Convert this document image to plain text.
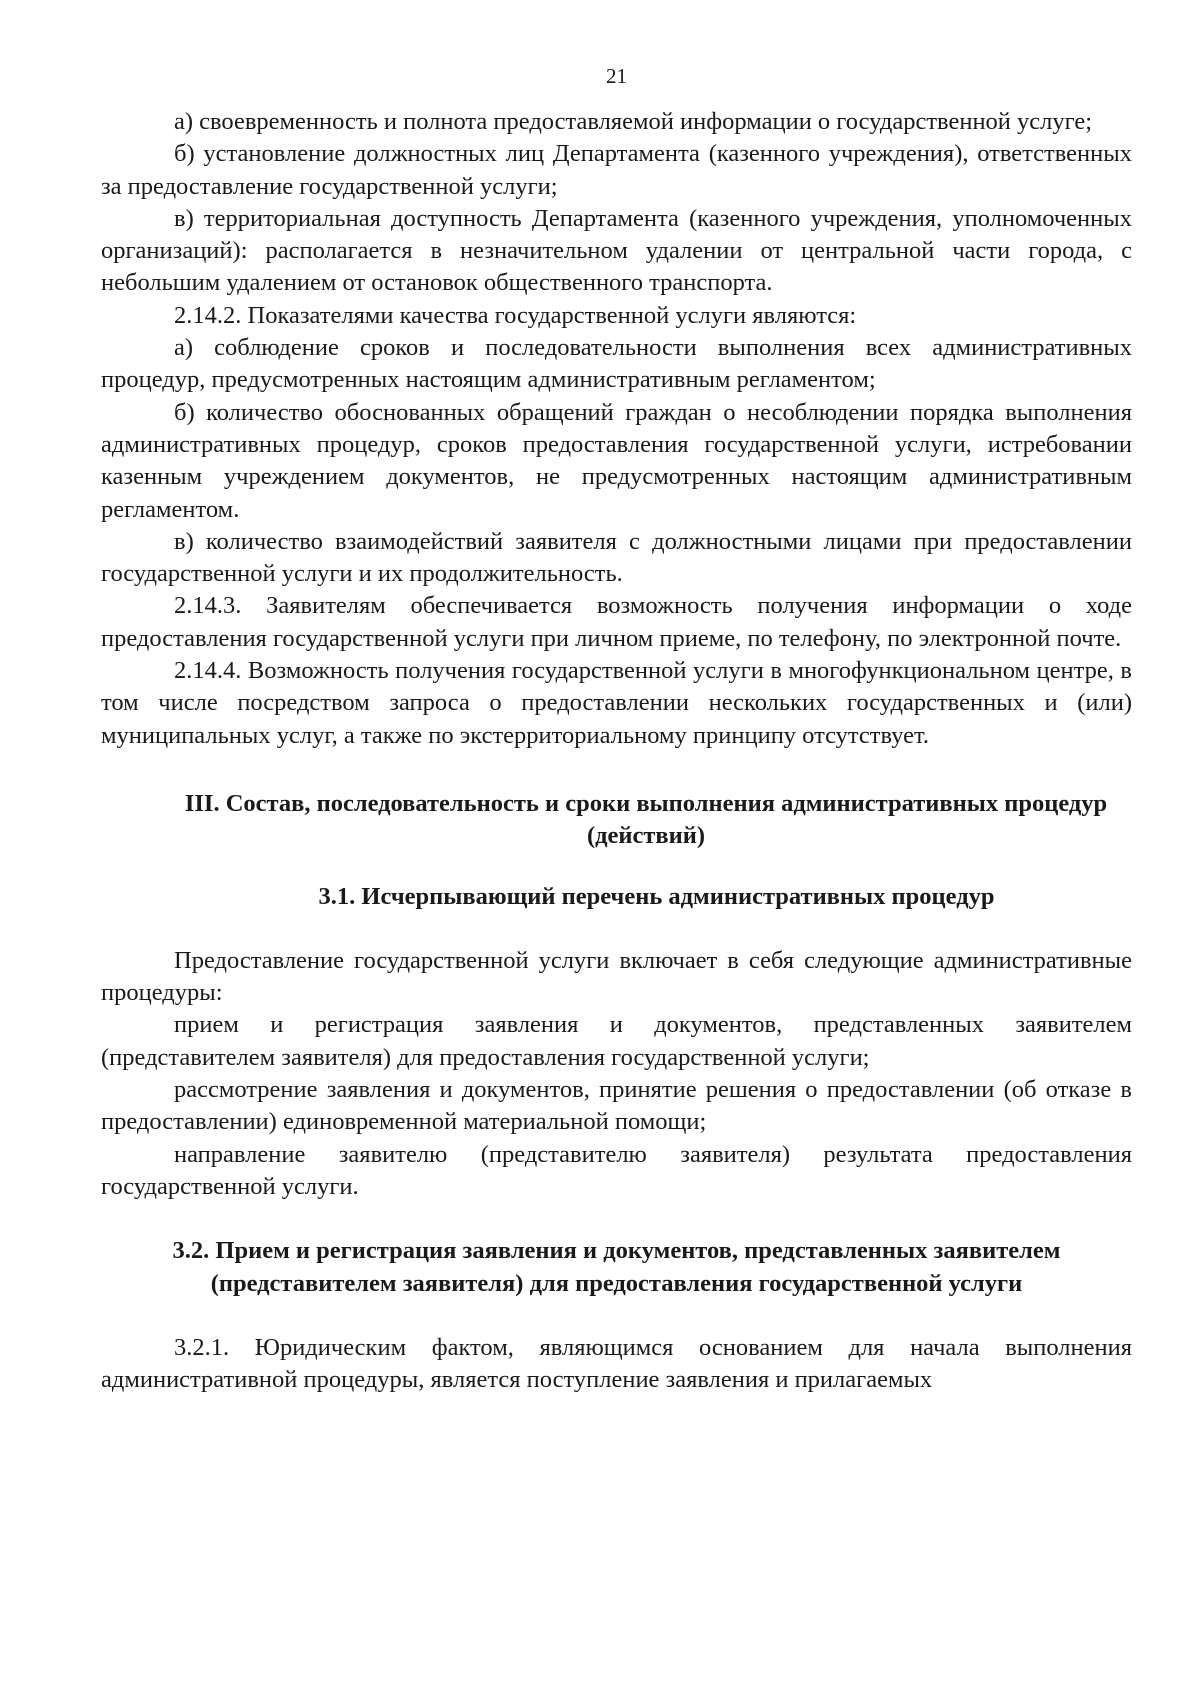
21

а) своевременность и полнота предоставляемой информации о государственной услуге;

б) установление должностных лиц Департамента (казенного учреждения), ответственных за предоставление государственной услуги;

в) территориальная доступность Департамента (казенного учреждения, уполномоченных организаций): располагается в незначительном удалении от центральной части города, с небольшим удалением от остановок общественного транспорта.

2.14.2. Показателями качества государственной услуги являются:

а) соблюдение сроков и последовательности выполнения всех административных процедур, предусмотренных настоящим административным регламентом;

б) количество обоснованных обращений граждан о несоблюдении порядка выполнения административных процедур, сроков предоставления государственной услуги, истребовании казенным учреждением документов, не предусмотренных настоящим административным регламентом.

в) количество взаимодействий заявителя с должностными лицами при предоставлении государственной услуги и их продолжительность.

2.14.3. Заявителям обеспечивается возможность получения информации о ходе предоставления государственной услуги при личном приеме, по телефону, по электронной почте.

2.14.4. Возможность получения государственной услуги в многофункциональном центре, в том числе посредством запроса о предоставлении нескольких государственных и (или) муниципальных услуг, а также по экстерриториальному принципу отсутствует.

III. Состав, последовательность и сроки выполнения административных процедур (действий)
3.1. Исчерпывающий перечень административных процедур

Предоставление государственной услуги включает в себя следующие административные процедуры:

прием и регистрация заявления и документов, представленных заявителем (представителем заявителя) для предоставления государственной услуги;

рассмотрение заявления и документов, принятие решения о предоставлении (об отказе в предоставлении) единовременной материальной помощи;

направление заявителю (представителю заявителя) результата предоставления государственной услуги.

3.2. Прием и регистрация заявления и документов, представленных заявителем (представителем заявителя) для предоставления государственной услуги

3.2.1. Юридическим фактом, являющимся основанием для начала выполнения административной процедуры, является поступление заявления и прилагаемых
